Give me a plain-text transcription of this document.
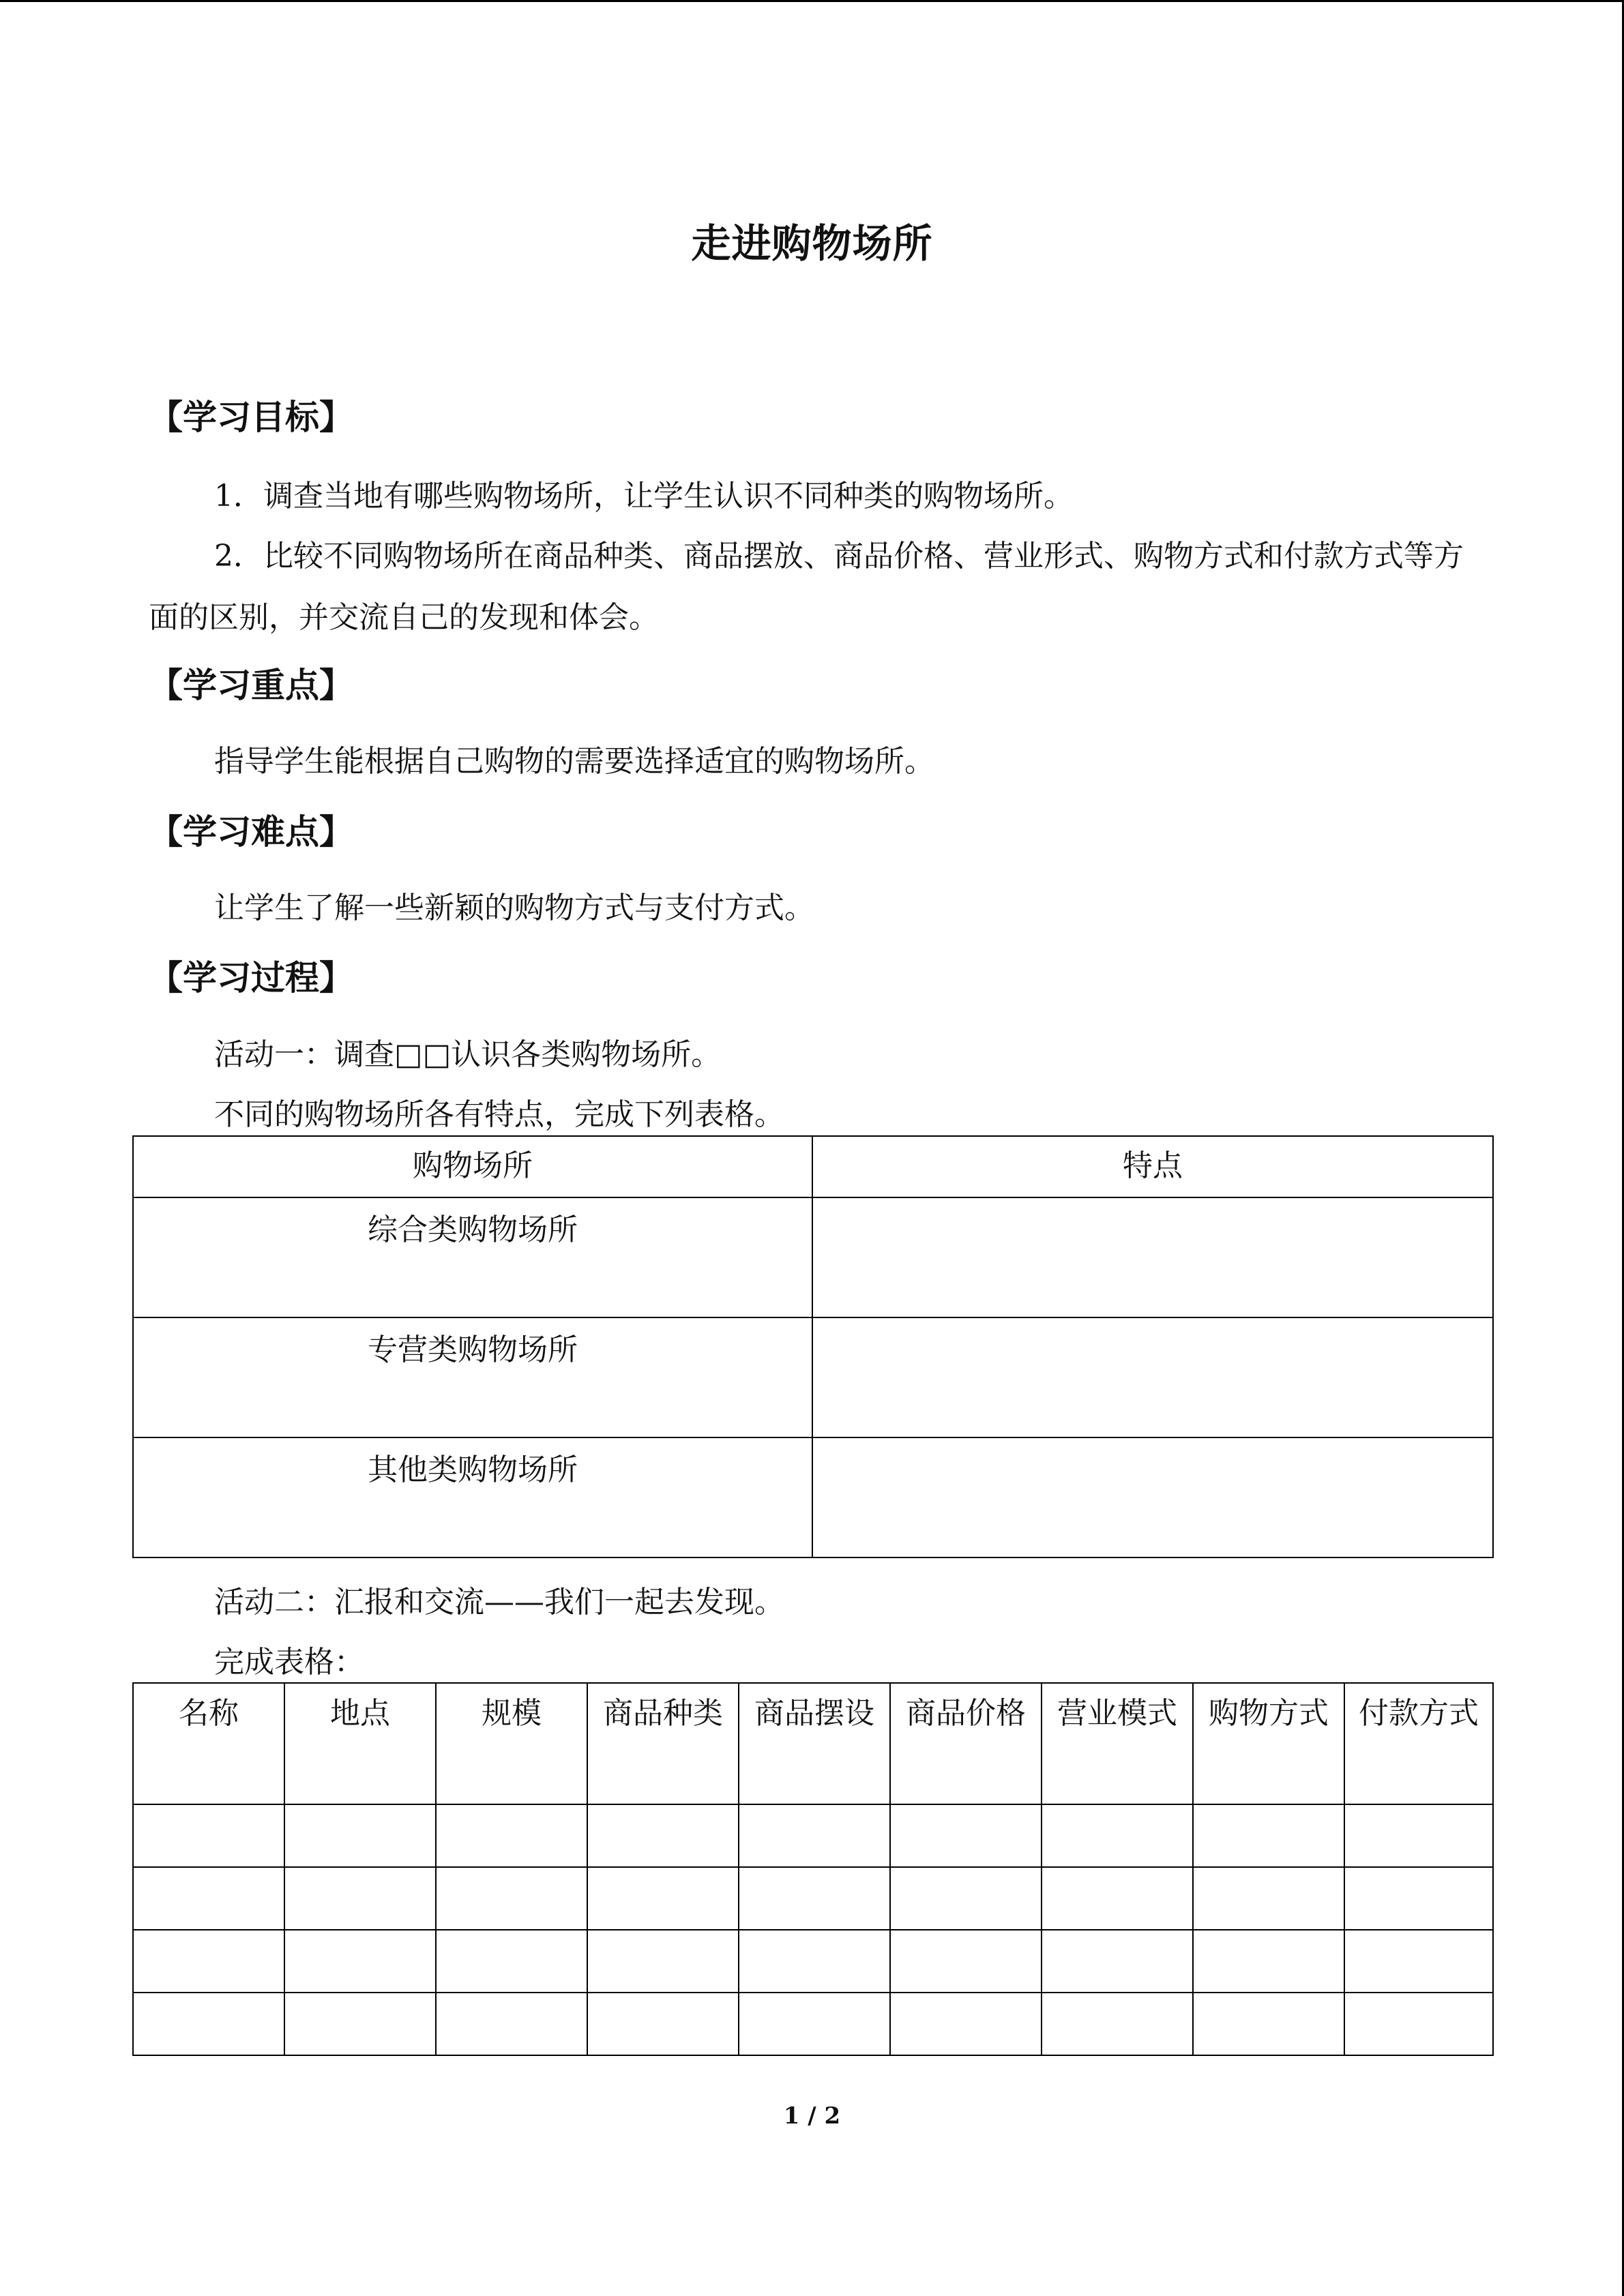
走进购物场所
【学习目标】

1．调查当地有哪些购物场所，让学生认识不同种类的购物场所。

2．比较不同购物场所在商品种类、商品摆放、商品价格、营业形式、购物方式和付款方式等方面的区别，并交流自己的发现和体会。

【学习重点】

指导学生能根据自己购物的需要选择适宜的购物场所。

【学习难点】

让学生了解一些新颖的购物方式与支付方式。

【学习过程】

活动一：调查□□认识各类购物场所。

不同的购物场所各有特点，完成下列表格。

购物场所	特点
综合类购物场所	
专营类购物场所	
其他类购物场所	

活动二：汇报和交流——我们一起去发现。

完成表格：

名称	地点	规模	商品种类	商品摆设	商品价格	营业模式	购物方式	付款方式

1 / 2
